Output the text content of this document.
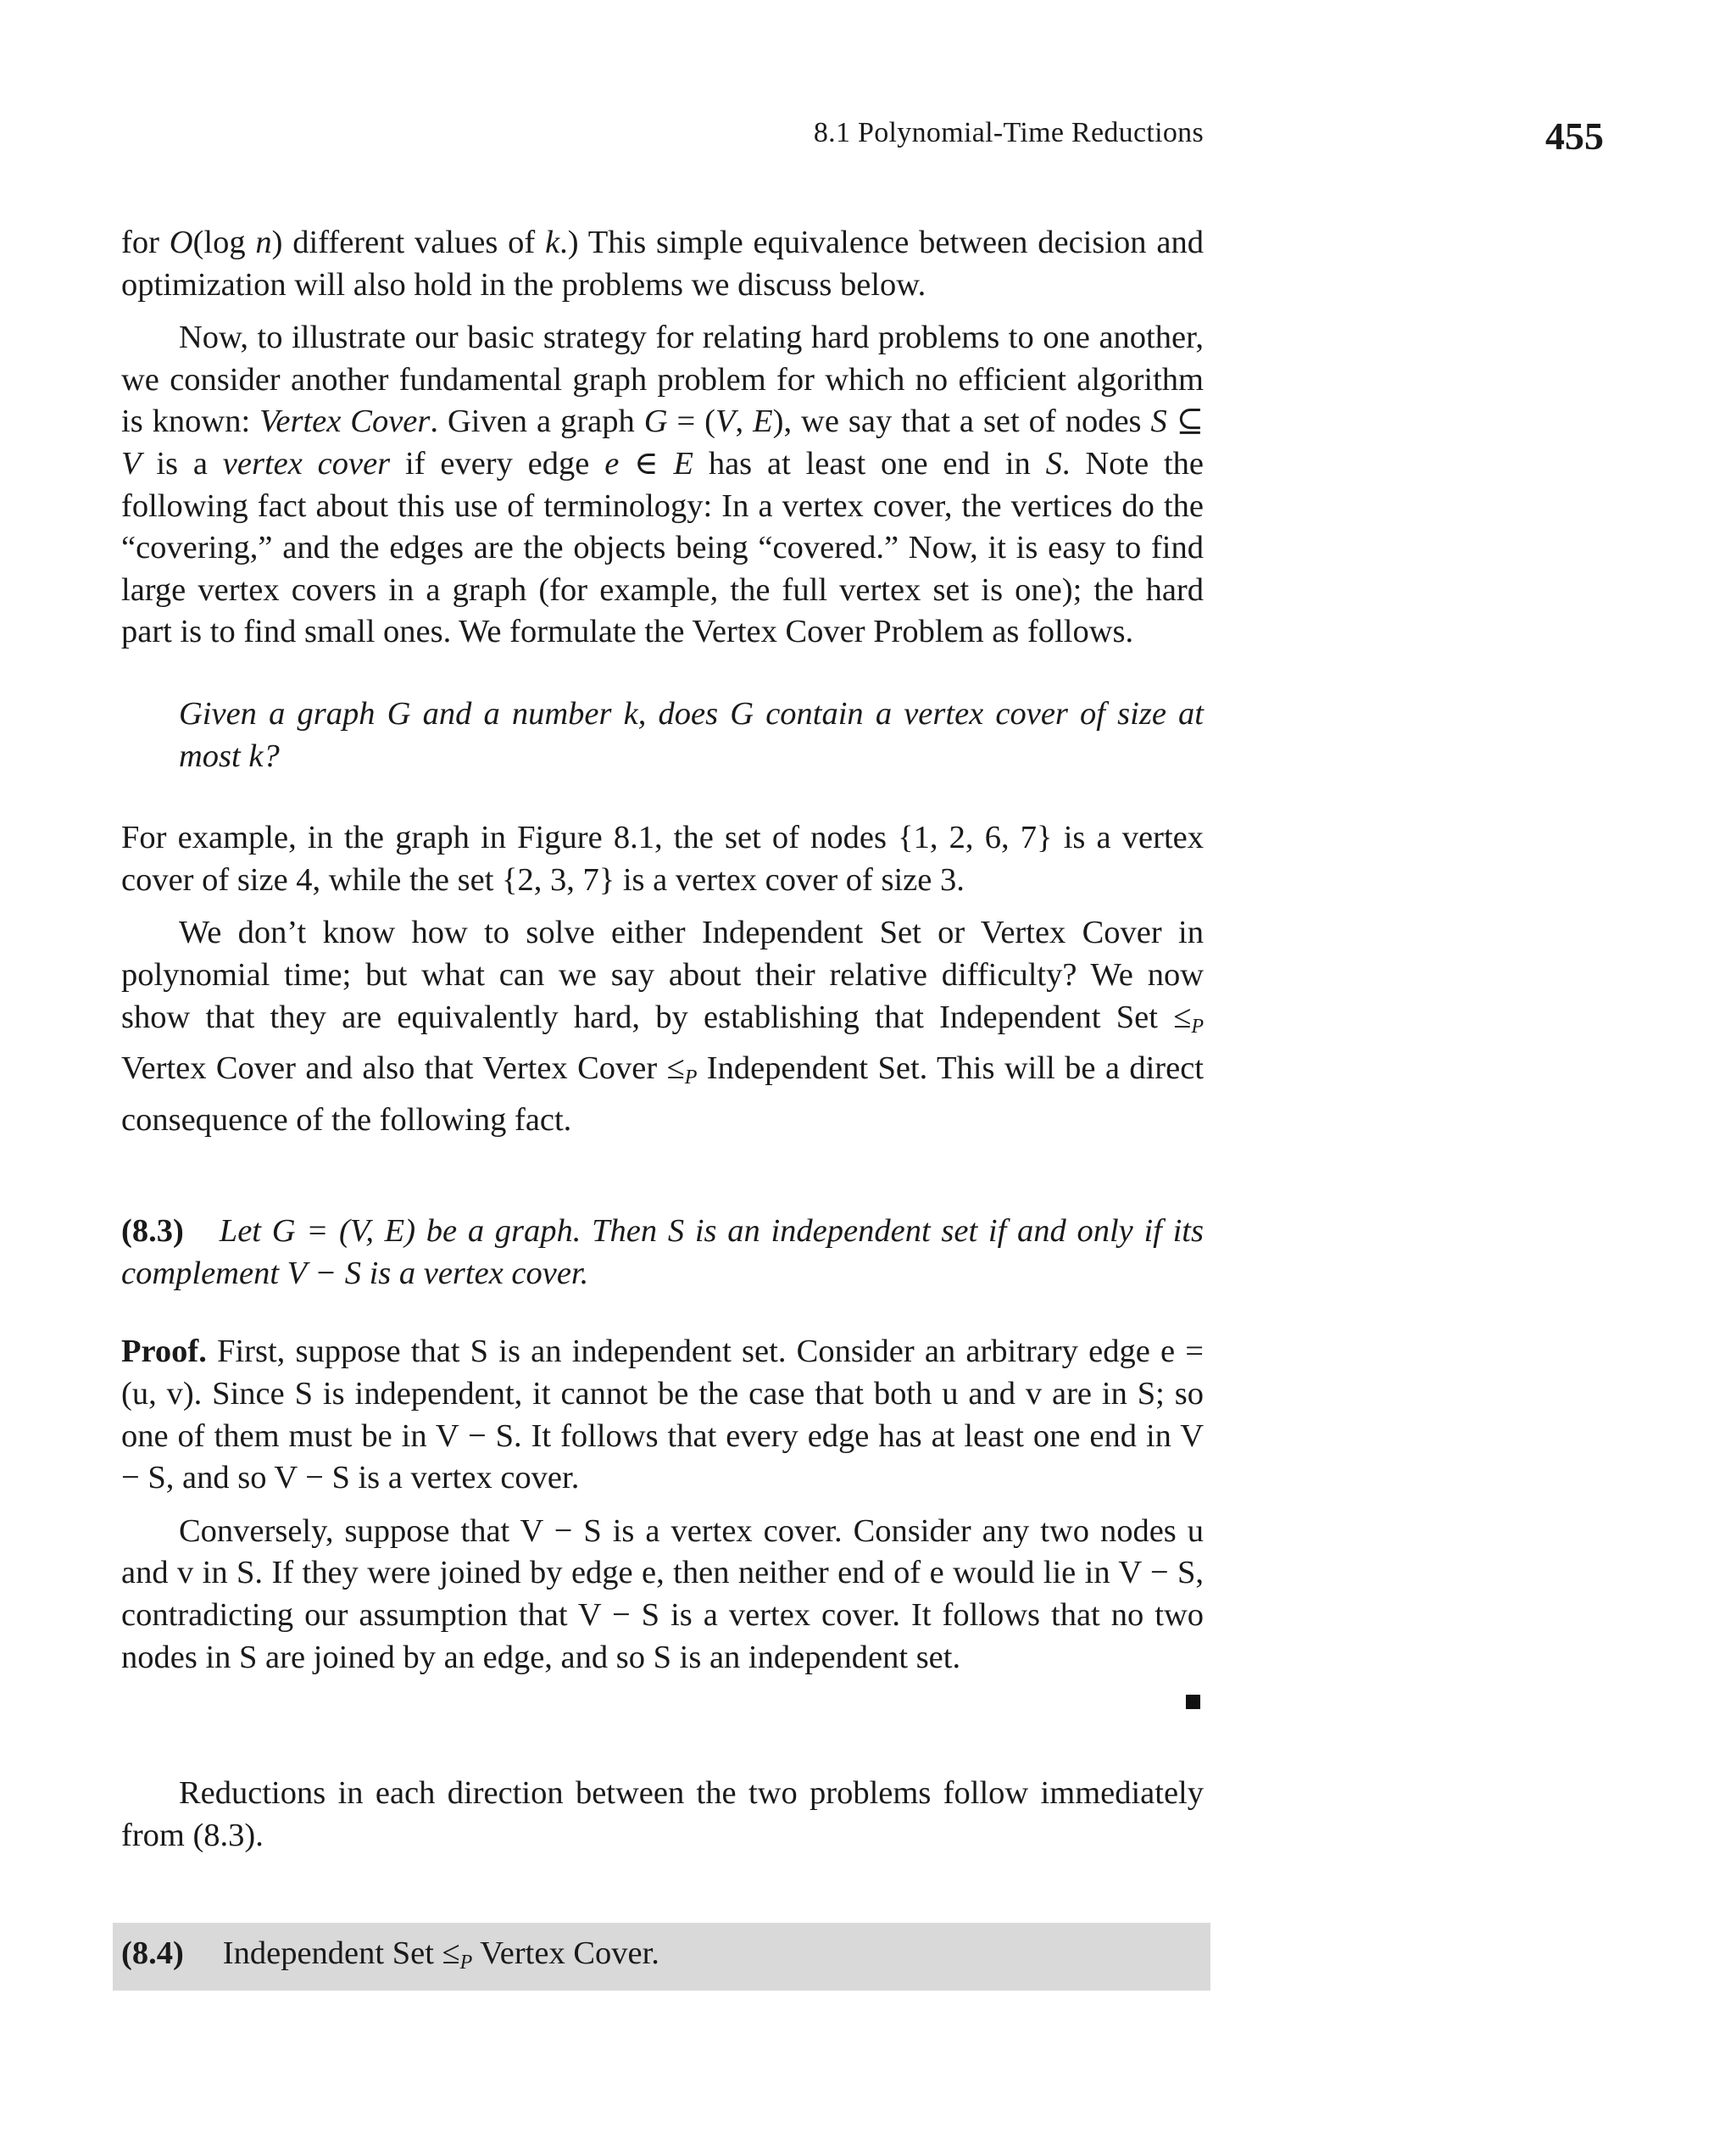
8.1 Polynomial-Time Reductions	455

for O(log n) different values of k.) This simple equivalence between decision and optimization will also hold in the problems we discuss below.

Now, to illustrate our basic strategy for relating hard problems to one another, we consider another fundamental graph problem for which no efficient algorithm is known: Vertex Cover. Given a graph G = (V, E), we say that a set of nodes S ⊆ V is a vertex cover if every edge e ∈ E has at least one end in S. Note the following fact about this use of terminology: In a vertex cover, the vertices do the “covering,” and the edges are the objects being “covered.” Now, it is easy to find large vertex covers in a graph (for example, the full vertex set is one); the hard part is to find small ones. We formulate the Vertex Cover Problem as follows.

Given a graph G and a number k, does G contain a vertex cover of size at most k?

For example, in the graph in Figure 8.1, the set of nodes {1, 2, 6, 7} is a vertex cover of size 4, while the set {2, 3, 7} is a vertex cover of size 3.

We don’t know how to solve either Independent Set or Vertex Cover in polynomial time; but what can we say about their relative difficulty? We now show that they are equivalently hard, by establishing that Independent Set $\le_P$ Vertex Cover and also that Vertex Cover $\le_P$ Independent Set. This will be a direct consequence of the following fact.

(8.3) Let G = (V, E) be a graph. Then S is an independent set if and only if its complement V − S is a vertex cover.

Proof. First, suppose that S is an independent set. Consider an arbitrary edge e = (u, v). Since S is independent, it cannot be the case that both u and v are in S; so one of them must be in V − S. It follows that every edge has at least one end in V − S, and so V − S is a vertex cover.

Conversely, suppose that V − S is a vertex cover. Consider any two nodes u and v in S. If they were joined by edge e, then neither end of e would lie in V − S, contradicting our assumption that V − S is a vertex cover. It follows that no two nodes in S are joined by an edge, and so S is an independent set.

Reductions in each direction between the two problems follow immediately from (8.3).

(8.4) Independent Set $\le_P$ Vertex Cover.
